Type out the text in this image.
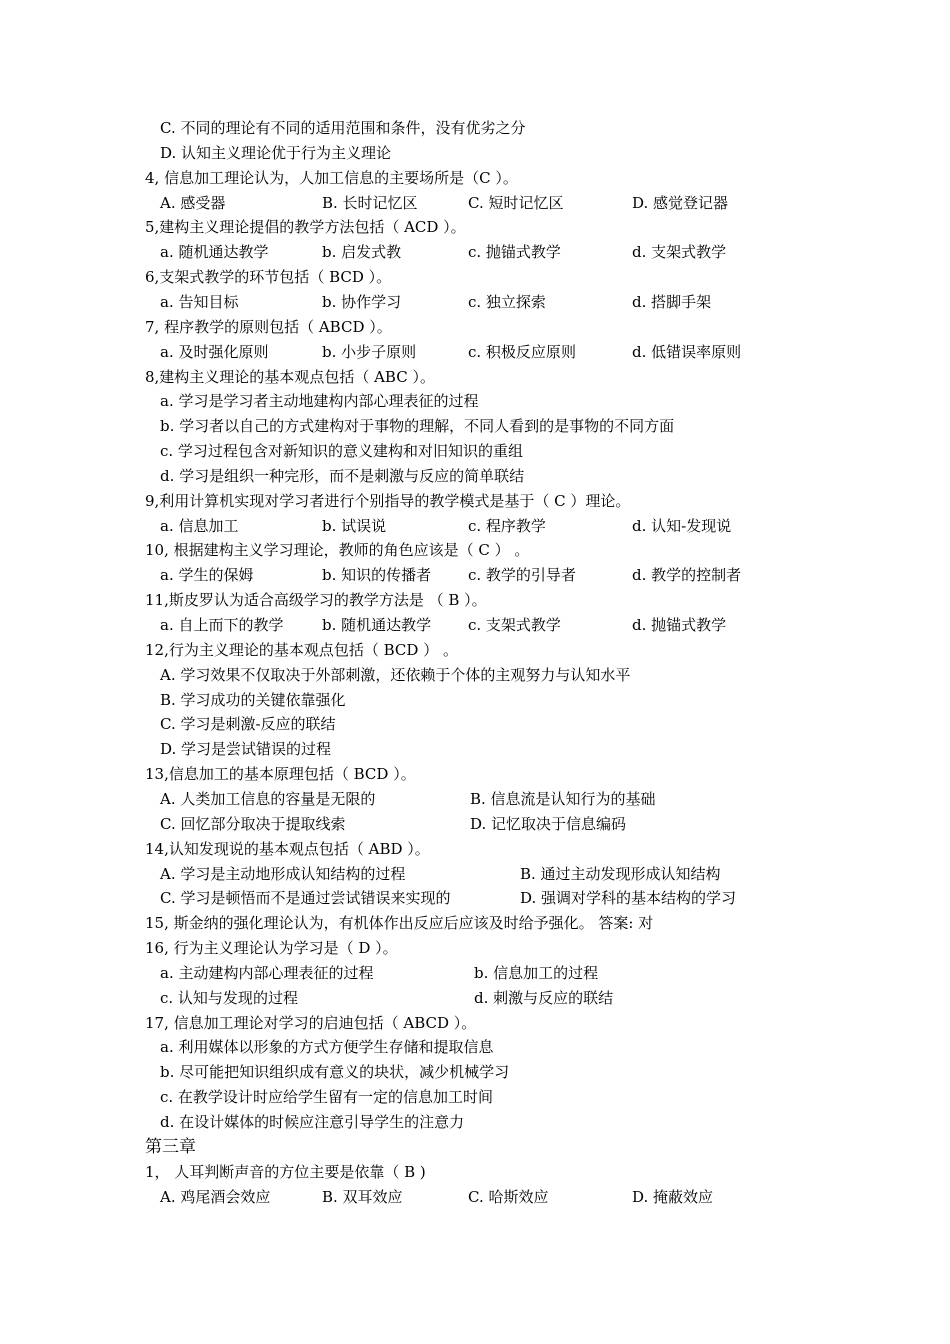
C. 不同的理论有不同的适用范围和条件，没有优劣之分
D. 认知主义理论优于行为主义理论
4, 信息加工理论认为，人加工信息的主要场所是（C ）。
A. 感受器	B. 长时记忆区	C. 短时记忆区	D. 感觉登记器
5,建构主义理论提倡的教学方法包括（ ACD ）。
a. 随机通达教学	b. 启发式教	c. 抛锚式教学	d. 支架式教学
6,支架式教学的环节包括（ BCD ）。
a. 告知目标	b. 协作学习	c. 独立探索	d. 搭脚手架
7, 程序教学的原则包括（ ABCD ）。
a. 及时强化原则	b. 小步子原则	c. 积极反应原则	d. 低错误率原则
8,建构主义理论的基本观点包括（ ABC ）。
a. 学习是学习者主动地建构内部心理表征的过程
b. 学习者以自己的方式建构对于事物的理解，不同人看到的是事物的不同方面
c. 学习过程包含对新知识的意义建构和对旧知识的重组
d. 学习是组织一种完形，而不是刺激与反应的简单联结
9,利用计算机实现对学习者进行个别指导的教学模式是基于（ C ）理论。
a. 信息加工	b. 试误说	c. 程序教学	d. 认知-发现说
10, 根据建构主义学习理论，教师的角色应该是（ C ） 。
a. 学生的保姆	b. 知识的传播者 c. 教学的引导者	d. 教学的控制者
11,斯皮罗认为适合高级学习的教学方法是 （ B ）。
a. 自上而下的教学	b. 随机通达教学 c. 支架式教学	d. 抛锚式教学
12,行为主义理论的基本观点包括（ BCD ） 。
A. 学习效果不仅取决于外部刺激，还依赖于个体的主观努力与认知水平
B. 学习成功的关键依靠强化
C. 学习是刺激-反应的联结
D. 学习是尝试错误的过程
13,信息加工的基本原理包括（ BCD ）。
A. 人类加工信息的容量是无限的	B. 信息流是认知行为的基础
C. 回忆部分取决于提取线索	D. 记忆取决于信息编码
14,认知发现说的基本观点包括（ ABD ）。
A. 学习是主动地形成认知结构的过程	B. 通过主动发现形成认知结构
C. 学习是顿悟而不是通过尝试错误来实现的	D. 强调对学科的基本结构的学习
15, 斯金纳的强化理论认为，有机体作出反应后应该及时给予强化。 答案: 对
16, 行为主义理论认为学习是（ D ）。
a. 主动建构内部心理表征的过程	b. 信息加工的过程
c. 认知与发现的过程	d. 刺激与反应的联结
17, 信息加工理论对学习的启迪包括（ ABCD ）。
a. 利用媒体以形象的方式方便学生存储和提取信息
b. 尽可能把知识组织成有意义的块状，减少机械学习
c. 在教学设计时应给学生留有一定的信息加工时间
d. 在设计媒体的时候应注意引导学生的注意力
第三章
1， 人耳判断声音的方位主要是依靠（ B )
A. 鸡尾酒会效应	B. 双耳效应	C. 哈斯效应	D. 掩蔽效应
